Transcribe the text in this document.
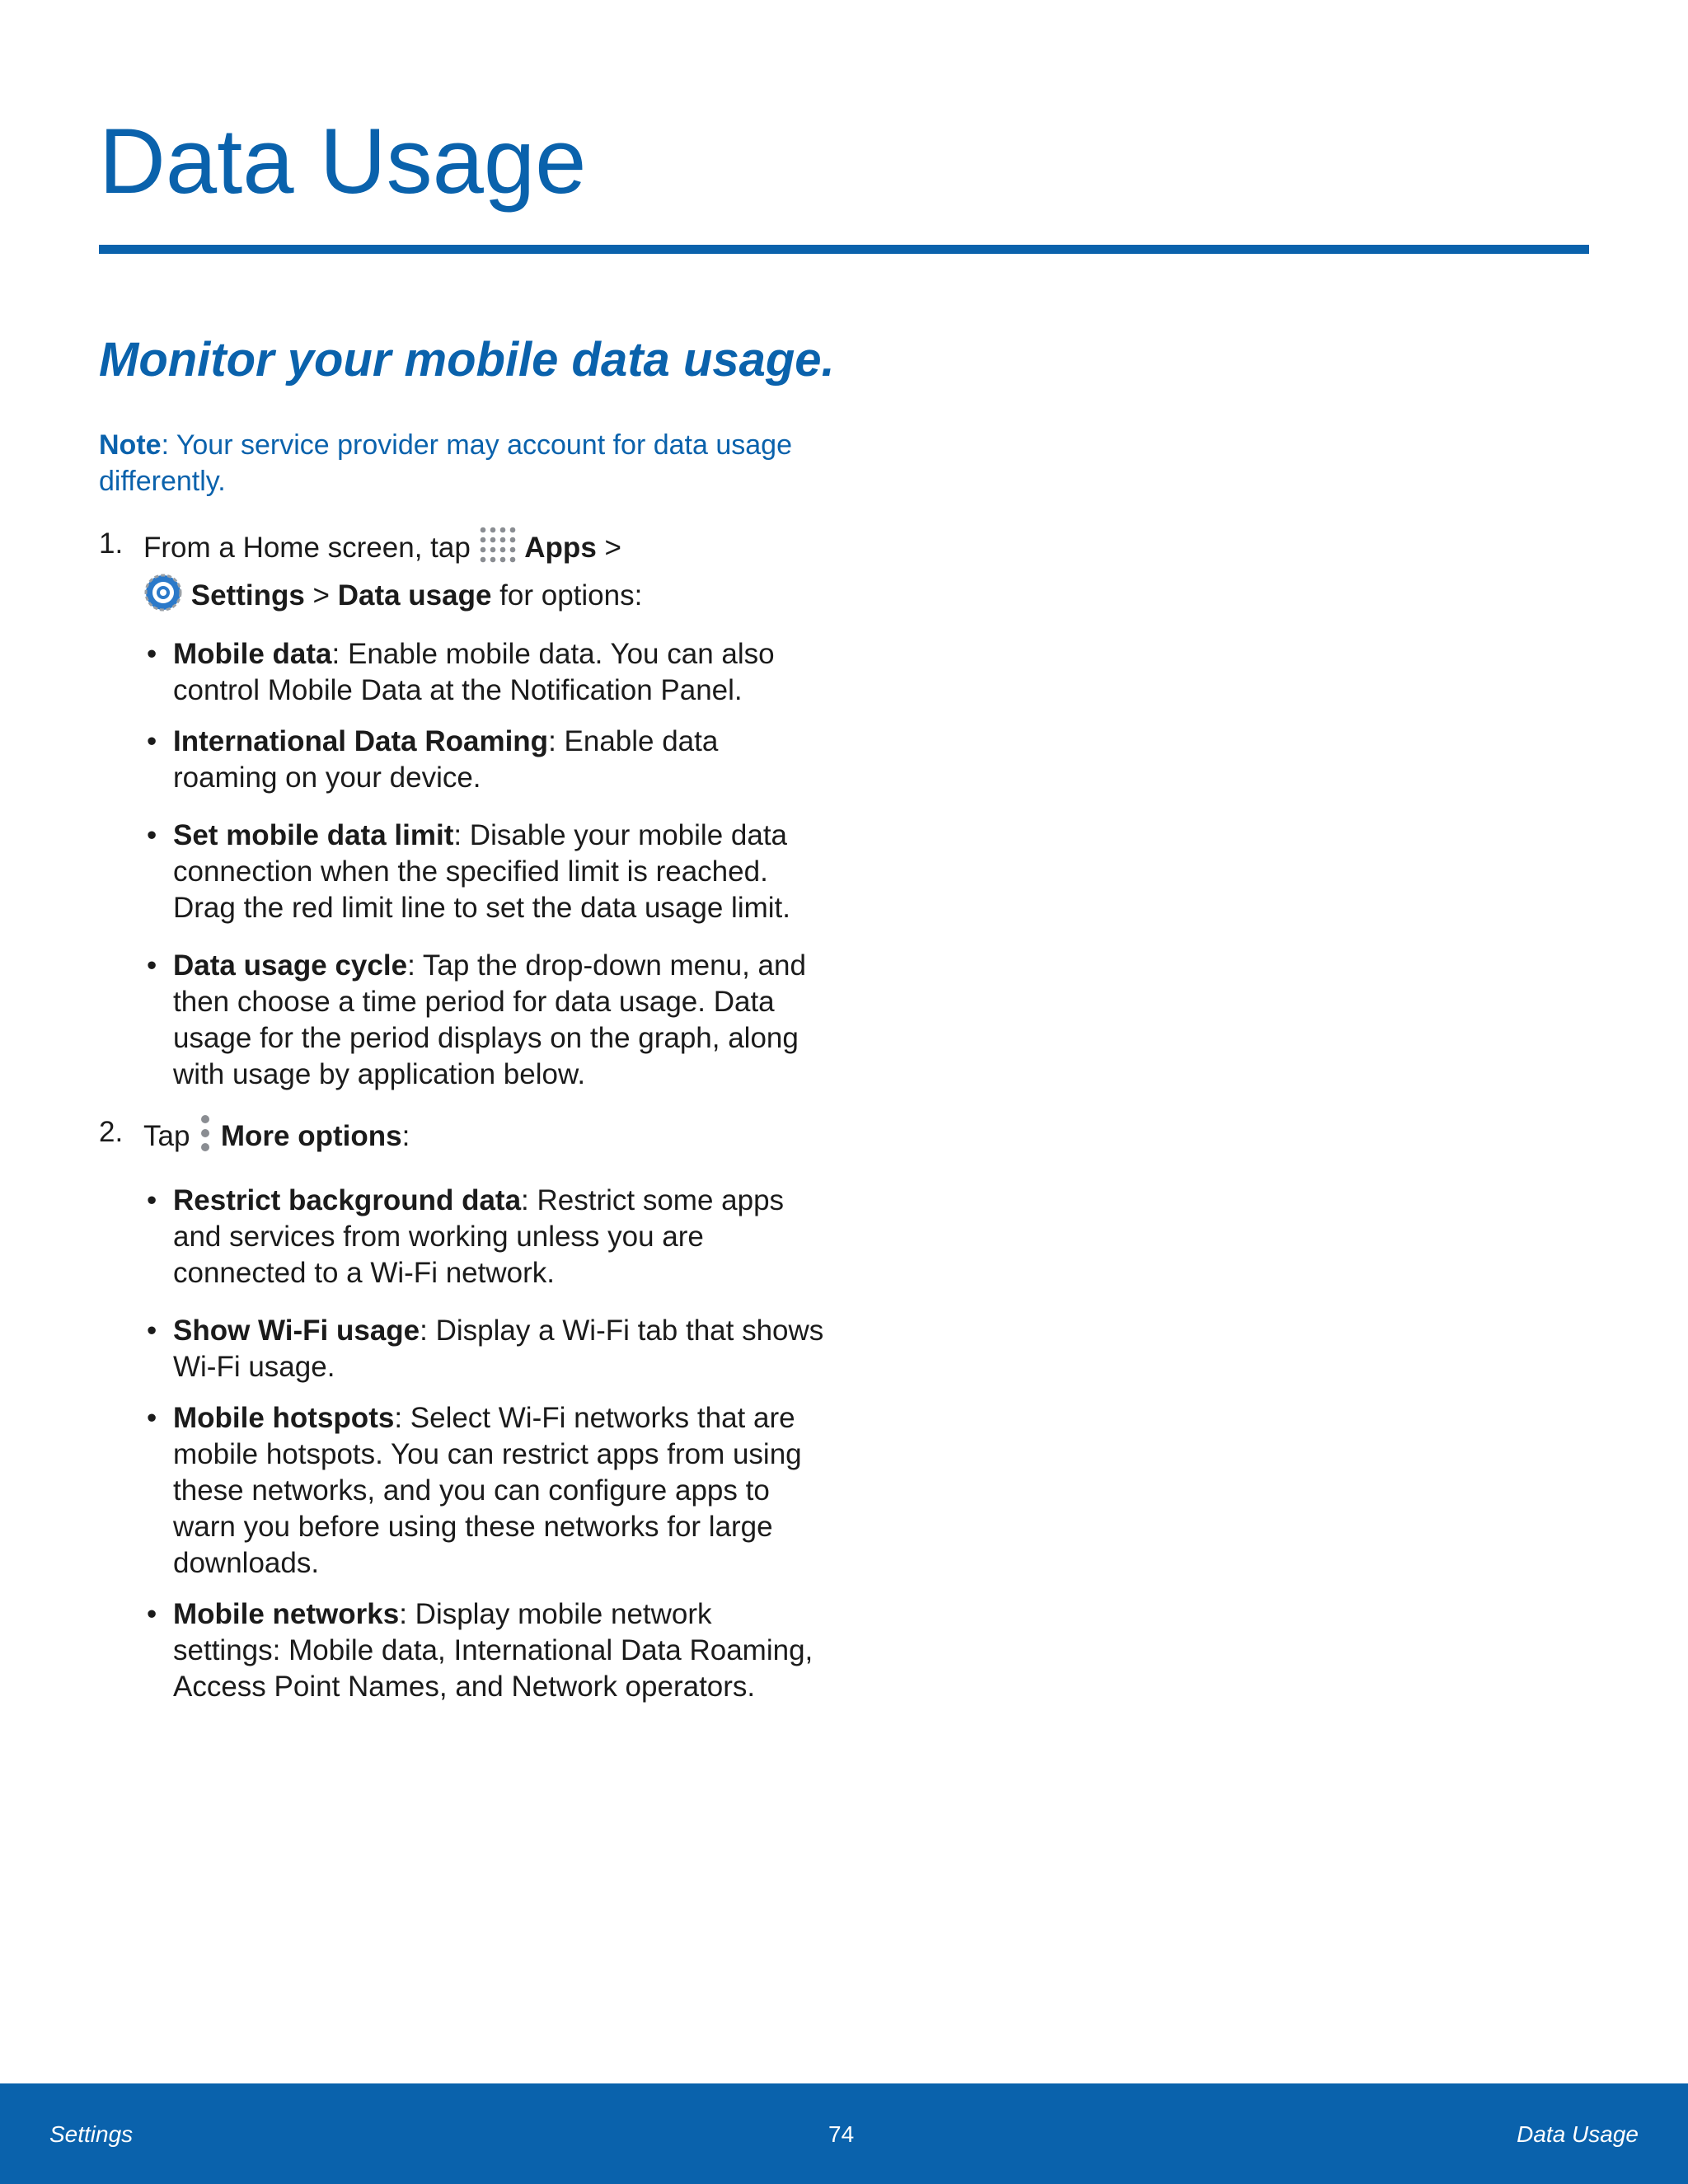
Data Usage
Monitor your mobile data usage.
Note: Your service provider may account for data usage differently.
1. From a Home screen, tap  Apps >
Settings > Data usage for options:
• Mobile data: Enable mobile data. You can also control Mobile Data at the Notification Panel.
• International Data Roaming: Enable data roaming on your device.
• Set mobile data limit: Disable your mobile data connection when the specified limit is reached. Drag the red limit line to set the data usage limit.
• Data usage cycle: Tap the drop-down menu, and then choose a time period for data usage. Data usage for the period displays on the graph, along with usage by application below.
2. Tap  More options:
• Restrict background data: Restrict some apps and services from working unless you are connected to a Wi-Fi network.
• Show Wi-Fi usage: Display a Wi-Fi tab that shows Wi-Fi usage.
• Mobile hotspots: Select Wi-Fi networks that are mobile hotspots. You can restrict apps from using these networks, and you can configure apps to warn you before using these networks for large downloads.
• Mobile networks: Display mobile network settings: Mobile data, International Data Roaming, Access Point Names, and Network operators.
Settings	74	Data Usage
